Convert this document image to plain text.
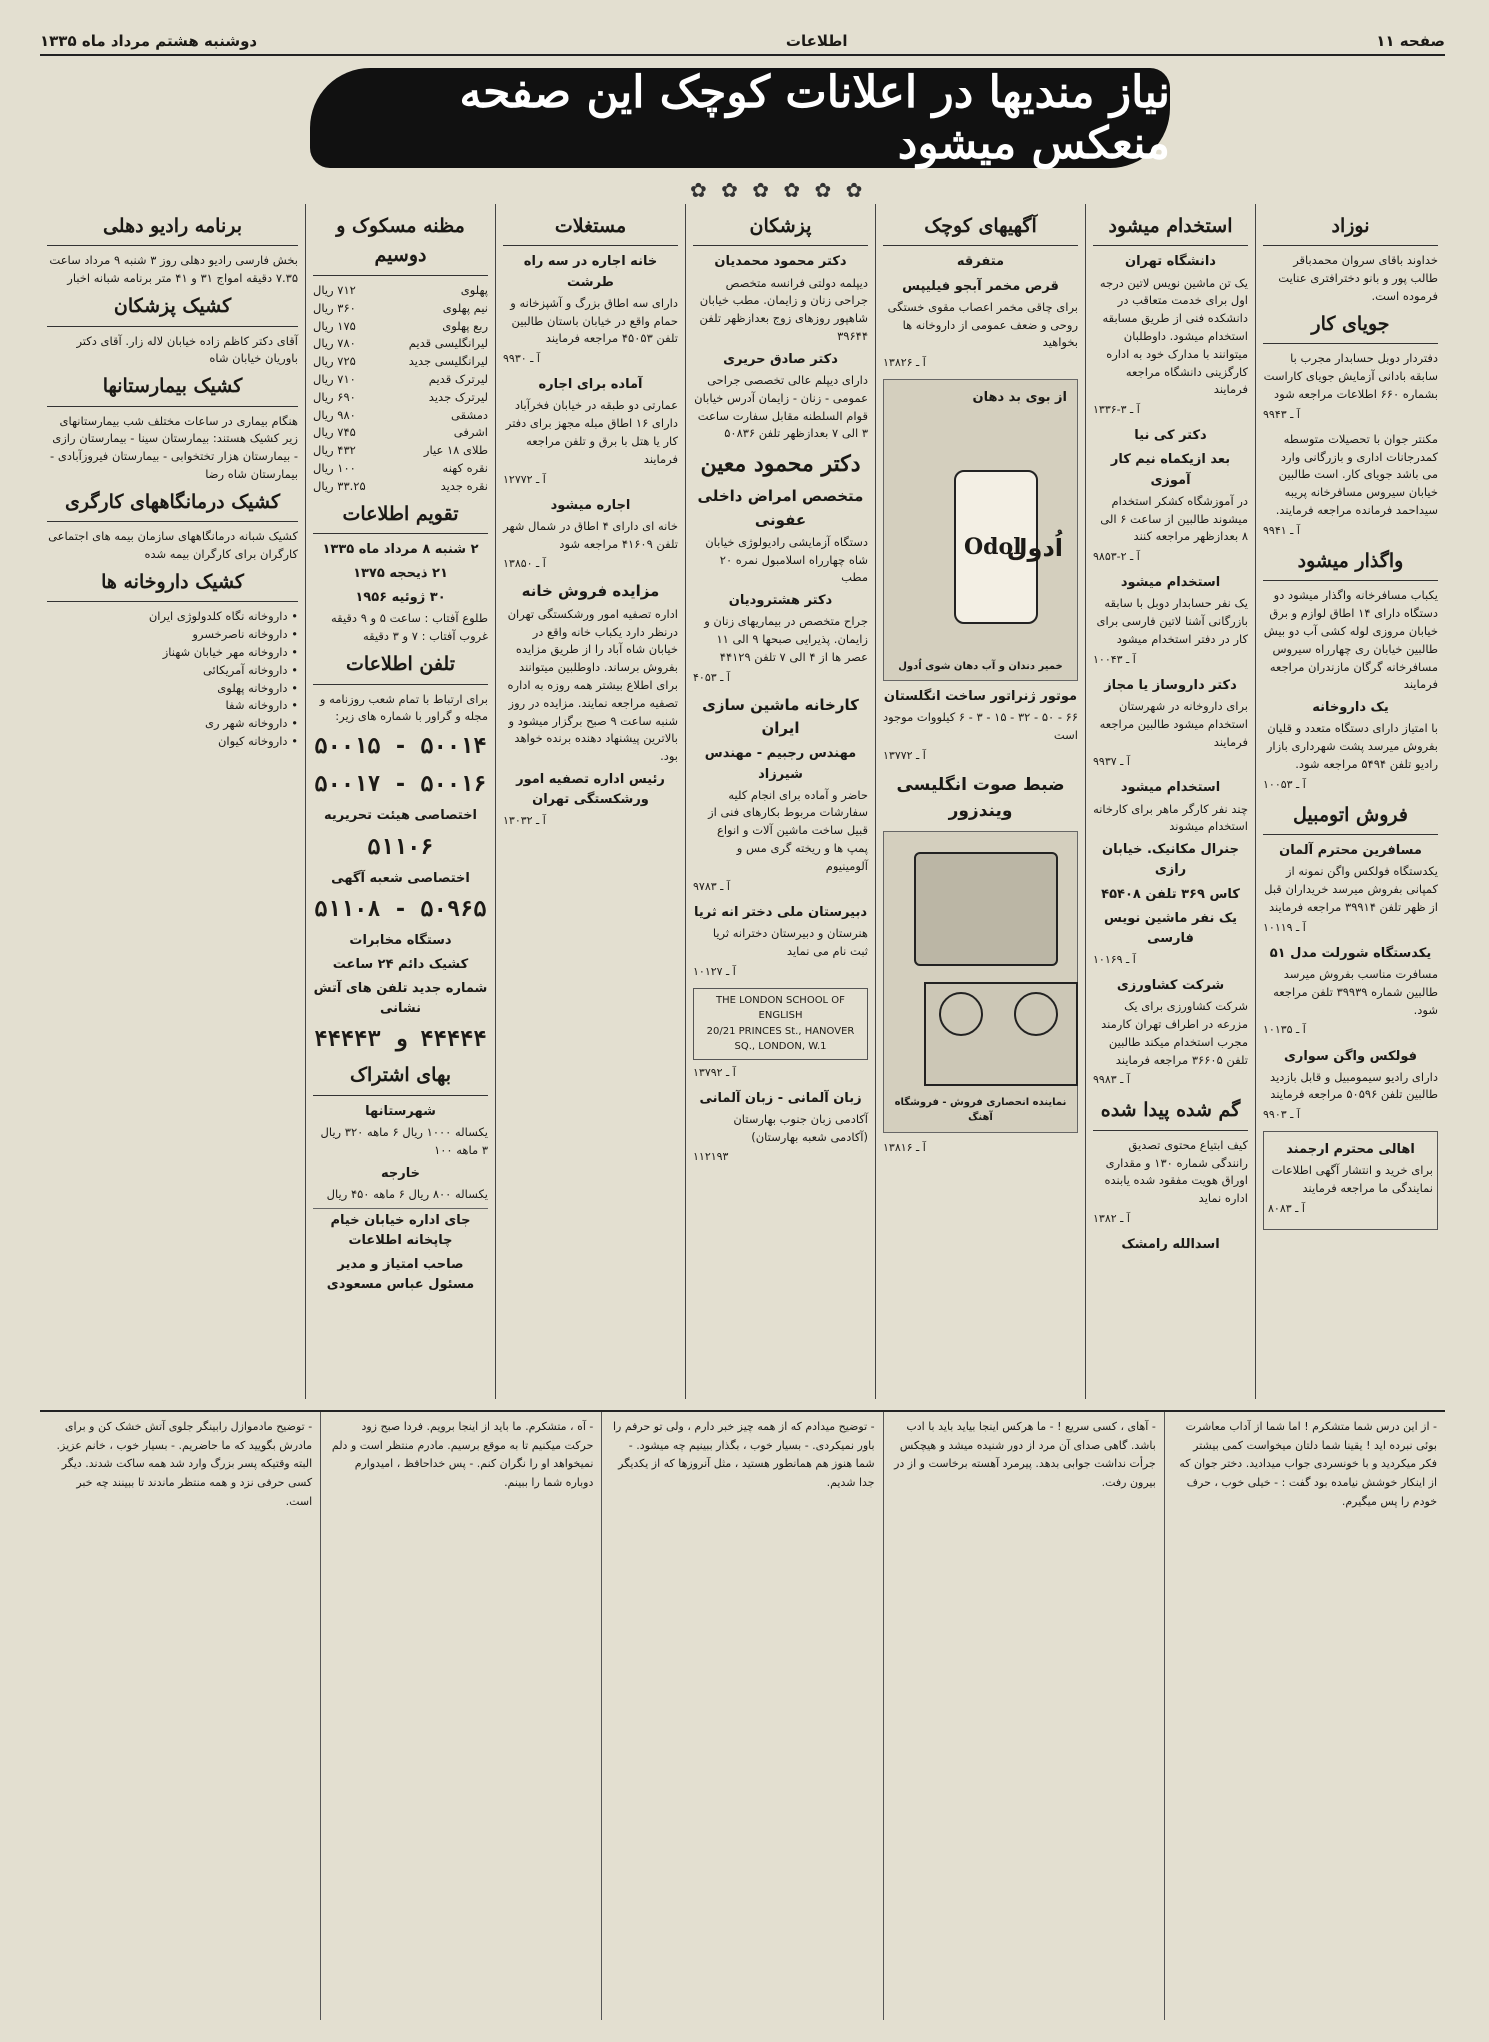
صفحه ۱۱
اطلاعات
دوشنبه هشتم مرداد ماه ۱۳۳۵
نیاز مندیها در اعلانات کوچک این صفحه منعکس میشود
✿ ✿ ✿ ✿ ✿ ✿
نوزاد
خداوند باقای سروان محمدباقر طالب پور و بانو دخترافتری عنایت فرموده است.
جویای کار
دفتردار دوبل حسابدار مجرب با سابقه بادانی آزمایش جویای کاراست بشماره ۶۶۰ اطلاعات مراجعه شود
آ ـ ۹۹۴۳
مکنتر جوان با تحصیلات متوسطه کمدرجانات اداری و بازرگانی وارد می باشد جویای کار. است طالبین خیابان سیروس مسافرخانه پریبه سیداحمد فرمانده مراجعه فرمایند.
آ ـ ۹۹۴۱
واگذار میشود
یکباب مسافرخانه واگذار میشود دو دستگاه دارای ۱۴ اطاق لوازم و برق خیابان مروزی لوله کشی آب دو بیش طالبین خیابان ری چهارراه سیروس مسافرخانه گرگان مازندران مراجعه فرمایند
یک داروخانه
با امتیاز دارای دستگاه متعدد و قلیان بفروش میرسد پشت شهرداری بازار رادیو تلفن ۵۴۹۴ مراجعه شود.
آ ـ ۱۰۰۵۳
فروش اتومبیل
مسافرین محترم آلمان
یکدستگاه فولکس واگن نمونه از کمپانی بفروش میرسد خریداران قبل از ظهر تلفن ۳۹۹۱۴ مراجعه فرمایند
آ ـ ۱۰۱۱۹
یکدستگاه شورلت مدل ۵۱
مسافرت مناسب بفروش میرسد طالبین شماره ۳۹۹۳۹ تلفن مراجعه شود.
آ ـ ۱۰۱۳۵
فولکس واگن سواری
دارای رادیو سیمومبیل و قابل بازدید طالبین تلفن ۵۰۵۹۶ مراجعه فرمایند
آ ـ ۹۹۰۳
اهالی محترم ارجمند
برای خرید و انتشار آگهی اطلاعات نمایندگی ما مراجعه فرمایند
آ ـ ۸۰۸۳
استخدام میشود
دانشگاه تهران
یک تن ماشین نویس لاتین درجه اول برای خدمت متعاقب در دانشکده فنی از طریق مسابقه استخدام میشود. داوطلبان میتوانند با مدارک خود به اداره کارگزینی دانشگاه مراجعه فرمایند
آ ـ ۳-۱۳۳۶
دکتر کی نیا
بعد ازیکماه نیم کار آموزی
در آموزشگاه کشکر استخدام میشوند طالبین از ساعت ۶ الی ۸ بعدازظهر مراجعه کنند
آ ـ ۲-۹۸۵۳
استخدام میشود
یک نفر حسابدار دوبل با سابقه بازرگانی آشنا لاتین فارسی برای کار در دفتر استخدام میشود
آ ـ ۱۰۰۴۳
دکتر داروساز یا مجاز
برای داروخانه در شهرستان استخدام میشود طالبین مراجعه فرمایند
آ ـ ۹۹۳۷
استخدام میشود
چند نفر کارگر ماهر برای کارخانه استخدام میشوند
جنرال مکانیک. خیابان رازی
کاس ۳۶۹ تلفن ۴۵۴۰۸
یک نفر ماشین نویس فارسی
آ ـ ۱۰۱۶۹
شرکت کشاورزی
شرکت کشاورزی برای یک مزرعه در اطراف تهران کارمند مجرب استخدام میکند طالبین تلفن ۳۶۶۰۵ مراجعه فرمایند
آ ـ ۹۹۸۳
گم شده پیدا شده
کیف ابتیاع محتوی تصدیق رانندگی شماره ۱۳۰ و مقداری اوراق هویت مفقود شده یابنده اداره نماید
آ ـ ۱۳۸۲
اسدالله رامشک
آگهیهای کوچک
متفرقه
قرص مخمر آبجو فیلیپس
برای چاقی مخمر اعصاب مقوی خستگی روحی و ضعف عمومی از داروخانه ها بخواهید
آ ـ ۱۳۸۲۶
از بوی بد دهان
Odol
اُدول
خمیر دندان و آب دهان شوی اُدول
موتور ژنراتور ساخت انگلستان
۶۶ - ۵۰ - ۳۲ - ۱۵ - ۳ - ۶ کیلووات موجود است
آ ـ ۱۳۷۷۲
ضبط صوت انگلیسی ویندزور
نماینده انحصاری فروش - فروشگاه آهنگ
آ ـ ۱۳۸۱۶
پزشکان
دکتر محمود محمدیان
دیپلمه دولتی فرانسه متخصص جراحی زنان و زایمان. مطب خیابان شاهپور روزهای زوج بعدازظهر تلفن ۳۹۶۴۴
دکتر صادق حریری
دارای دیپلم عالی تخصصی جراحی عمومی - زنان - زایمان آدرس خیابان قوام السلطنه مقابل سفارت ساعت ۳ الی ۷ بعدازظهر تلفن ۵۰۸۳۶
دکتر محمود معین
متخصص امراض داخلی عفونی
دستگاه آزمایشی رادیولوژی خیابان شاه چهارراه اسلامبول نمره ۲۰ مطب
دکتر هشترودیان
جراح متخصص در بیماریهای زنان و زایمان. پذیرایی صبحها ۹ الی ۱۱ عصر ها از ۴ الی ۷ تلفن ۴۴۱۲۹
آ ـ ۴۰۵۳
کارخانه ماشین سازی ایران
مهندس رجبیم - مهندس شیرزاد
حاضر و آماده برای انجام کلیه سفارشات مربوط بکارهای فنی از قبیل ساخت ماشین آلات و انواع پمپ ها و ریخته گری مس و آلومینیوم
آ ـ ۹۷۸۳
دبیرستان ملی دختر انه ثریا
هنرستان و دبیرستان دخترانه ثریا ثبت نام می نماید
آ ـ ۱۰۱۲۷
THE LONDON SCHOOL OF ENGLISH
20/21 PRINCES St., HANOVER SQ., LONDON, W.1
آ ـ ۱۳۷۹۲
زبان آلمانی - زبان آلمانی
آکادمی زبان جنوب بهارستان (آکادمی شعبه بهارستان)
۱۱۲۱۹۳
مستغلات
خانه اجاره در سه راه طرشت
دارای سه اطاق بزرگ و آشپزخانه و حمام واقع در خیابان باستان طالبین تلفن ۴۵۰۵۳ مراجعه فرمایند
آ ـ ۹۹۳۰
آماده برای اجاره
عمارتی دو طبقه در خیابان فخرآباد دارای ۱۶ اطاق مبله مجهز برای دفتر کار یا هتل با برق و تلفن مراجعه فرمایند
آ ـ ۱۲۷۷۲
اجاره میشود
خانه ای دارای ۴ اطاق در شمال شهر تلفن ۴۱۶۰۹ مراجعه شود
آ ـ ۱۳۸۵۰
مزایده فروش خانه
اداره تصفیه امور ورشکستگی تهران درنظر دارد یکباب خانه واقع در خیابان شاه آباد را از طریق مزایده بفروش برساند. داوطلبین میتوانند برای اطلاع بیشتر همه روزه به اداره تصفیه مراجعه نمایند. مزایده در روز شنبه ساعت ۹ صبح برگزار میشود و بالاترین پیشنهاد دهنده برنده خواهد بود.
رئیس اداره تصفیه امور ورشکستگی تهران
آ ـ ۱۳۰۳۲
مظنه مسکوک و دوسیم
پهلوی
۷۱۲ ریال
نیم پهلوی
۳۶۰ ریال
ربع پهلوی
۱۷۵ ریال
لیرانگلیسی قدیم
۷۸۰ ریال
لیرانگلیسی جدید
۷۲۵ ریال
لیرترک قدیم
۷۱۰ ریال
لیرترک جدید
۶۹۰ ریال
دمشقی
۹۸۰ ریال
اشرفی
۷۴۵ ریال
طلای ۱۸ عیار
۴۳۲ ریال
نقره کهنه
۱۰۰ ریال
نقره جدید
۳۳.۲۵ ریال
تقویم اطلاعات
۲ شنبه ۸ مرداد ماه ۱۳۳۵
۲۱ ذیحجه ۱۳۷۵
۳۰ ژوئیه ۱۹۵۶
طلوع آفتاب : ساعت ۵ و ۹ دقیقه
غروب آفتاب : ۷ و ۳ دقیقه
تلفن اطلاعات
برای ارتباط با تمام شعب روزنامه و مجله و گراور با شماره های زیر:
۵۰۰۱۴ - ۵۰۰۱۵
۵۰۰۱۶ - ۵۰۰۱۷
اختصاصی هیئت تحریریه
۵۱۱۰۶
اختصاصی شعبه آگهی
۵۰۹۶۵ - ۵۱۱۰۸
دستگاه مخابرات
کشیک دائم ۲۴ ساعت
شماره جدید تلفن های آتش نشانی
۴۴۴۴۴ و ۴۴۴۴۳
بهای اشتراک
شهرستانها
یکساله ۱۰۰۰ ریال ۶ ماهه ۳۲۰ ریال ۳ ماهه ۱۰۰
خارجه
یکساله ۸۰۰ ریال ۶ ماهه ۴۵۰ ریال
جای اداره خیابان خیام چاپخانه اطلاعات
صاحب امتیاز و مدیر مسئول عباس مسعودی
برنامه رادیو دهلی
بخش فارسی رادیو دهلی روز ۳ شنبه ۹ مرداد ساعت ۷.۳۵ دقیقه امواج ۳۱ و ۴۱ متر برنامه شبانه اخبار
کشیک پزشکان
آقای دکتر کاظم زاده خیابان لاله زار. آقای دکتر باوریان خیابان شاه
کشیک بیمارستانها
هنگام بیماری در ساعات مختلف شب بیمارستانهای زیر کشیک هستند: بیمارستان سینا - بیمارستان رازی - بیمارستان هزار تختخوابی - بیمارستان فیروزآبادی - بیمارستان شاه رضا
کشیک درمانگاههای کارگری
کشیک شبانه درمانگاههای سازمان بیمه های اجتماعی کارگران برای کارگران بیمه شده
کشیک داروخانه ها
• داروخانه نگاه کلدولوژی ایران
• داروخانه ناصرخسرو
• داروخانه مهر خیابان شهناز
• داروخانه آمریکائی
• داروخانه پهلوی
• داروخانه شفا
• داروخانه شهر ری
• داروخانه کیوان
- از این درس شما متشکرم ! اما شما از آداب معاشرت بوئی نبرده اید ! یقینا شما دلتان میخواست کمی بیشتر فکر میکردید و با خونسردی جواب میدادید. دختر جوان که از اینکار خوشش نیامده بود گفت : - خیلی خوب ، حرف خودم را پس میگیرم.
- آهای ، کسی سریع ! - ما هرکس اینجا بیاید باید با ادب باشد. گاهی صدای آن مرد از دور شنیده میشد و هیچکس جرأت نداشت جوابی بدهد. پیرمرد آهسته برخاست و از در بیرون رفت.
- توضیح میدادم که از همه چیز خبر دارم ، ولی تو حرفم را باور نمیکردی. - بسیار خوب ، بگذار ببینیم چه میشود. - شما هنوز هم همانطور هستید ، مثل آنروزها که از یکدیگر جدا شدیم.
- آه ، متشکرم. ما باید از اینجا برویم. فردا صبح زود حرکت میکنیم تا به موقع برسیم. مادرم منتظر است و دلم نمیخواهد او را نگران کنم. - پس خداحافظ ، امیدوارم دوباره شما را ببینم.
- توضیح مادموازل رابینگر جلوی آتش خشک کن و برای مادرش بگویید که ما حاضریم. - بسیار خوب ، خانم عزیز. البته وقتیکه پسر بزرگ وارد شد همه ساکت شدند. دیگر کسی حرفی نزد و همه منتظر ماندند تا ببینند چه خبر است.
